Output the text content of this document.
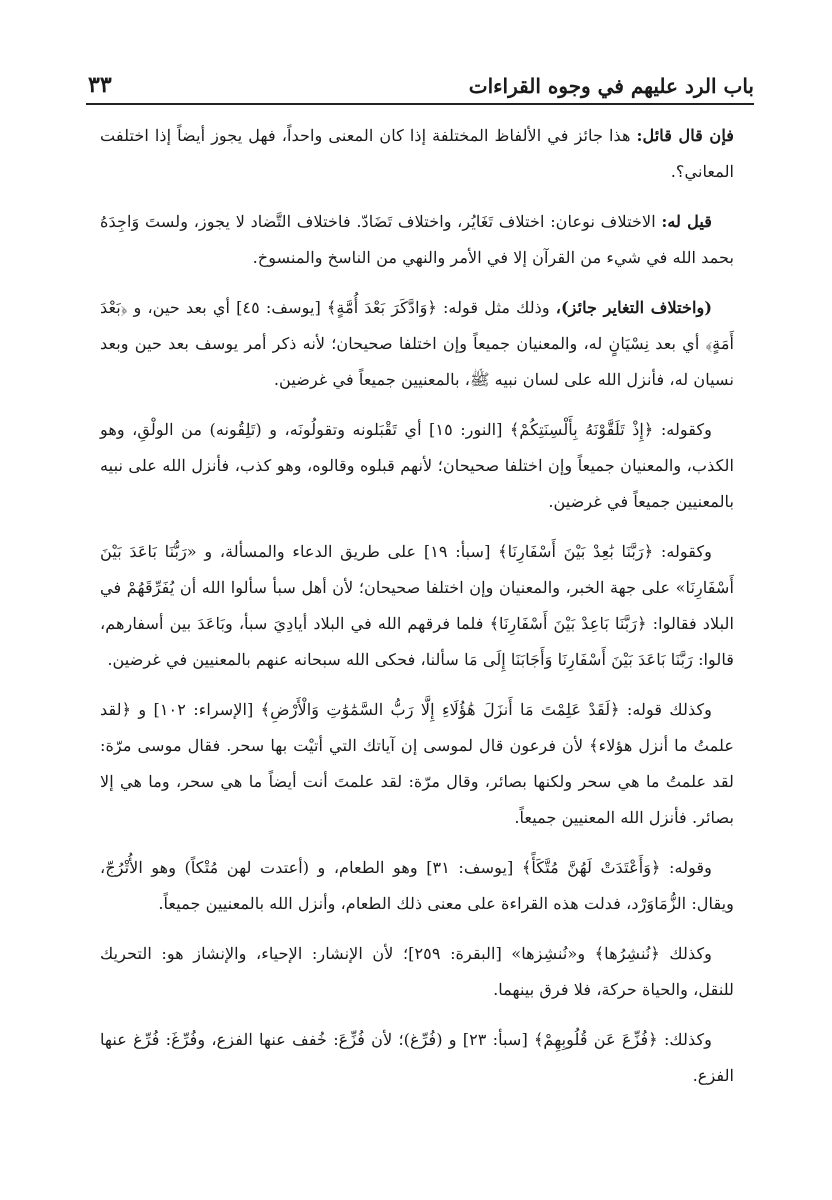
باب الرد عليهم في وجوه القراءات
٣٣

فإن قال قائل: هذا جائز في الألفاظ المختلفة إذا كان المعنى واحداً، فهل يجوز أيضاً إذا اختلفت المعاني؟.

قيل له: الاختلاف نوعان: اختلاف تَغَايُر، واختلاف تَضَادّ. فاختلاف التَّضاد لا يجوز، ولستَ وَاجِدَهُ بحمد الله في شيء من القرآن إلا في الأمر والنهي من الناسخ والمنسوخ.

(واختلاف التغاير جائز)، وذلك مثل قوله: ﴿وَادَّكَرَ بَعْدَ أُمَّةٍ﴾ [يوسف: ٤٥] أي بعد حين، و ﴿بَعْدَ أَمَةٍ﴾ أي بعد نِسْيَانٍ له، والمعنيان جميعاً وإن اختلفا صحيحان؛ لأنه ذكر أمر يوسف بعد حين وبعد نسيان له، فأنزل الله على لسان نبيه ﷺ، بالمعنيين جميعاً في غرضين.

وكقوله: ﴿إِذْ تَلَقَّوْنَهُ بِأَلْسِنَتِكُمْ﴾ [النور: ١٥] أي تَقْبَلونه وتقولُونَه، و (تَلِقُونه) من الولْقِ، وهو الكذب، والمعنيان جميعاً وإن اختلفا صحيحان؛ لأنهم قبلوه وقالوه، وهو كذب، فأنزل الله على نبيه بالمعنيين جميعاً في غرضين.

وكقوله: ﴿رَبَّنَا بَٰعِدْ بَيْنَ أَسْفَارِنَا﴾ [سبأ: ١٩] على طريق الدعاء والمسألة، و «رَبُّنَا بَاعَدَ بَيْنَ أَسْفَارِنَا» على جهة الخبر، والمعنيان وإن اختلفا صحيحان؛ لأن أهل سبأ سألوا الله أن يُفَرِّقَهُمْ في البلاد فقالوا: ﴿رَبَّنَا بَاعِدْ بَيْنَ أَسْفَارِنَا﴾ فلما فرقهم الله في البلاد أيادِيَ سبأ، وبَاعَدَ بين أسفارهم، قالوا: رَبَّنَا بَاعَدَ بَيْنَ أَسْفَارِنَا وَأَجَابَنَا إِلَى مَا سألنا، فحكى الله سبحانه عنهم بالمعنيين في غرضين.

وكذلك قوله: ﴿لَقَدْ عَلِمْتَ مَا أَنزَلَ هَٰؤُلَاءِ إِلَّا رَبُّ السَّمَٰوَٰتِ وَالْأَرْضِ﴾ [الإسراء: ١٠٢] و ﴿لقد علمتُ ما أنزل هؤلاء﴾ لأن فرعون قال لموسى إن آياتك التي أتيْت بها سحر. فقال موسى مرّة: لقد علمتُ ما هي سحر ولكنها بصائر، وقال مرّة: لقد علمتَ أنت أيضاً ما هي سحر، وما هي إلا بصائر. فأنزل الله المعنيين جميعاً.

وقوله: ﴿وَأَعْتَدَتْ لَهُنَّ مُتَّكَأً﴾ [يوسف: ٣١] وهو الطعام، و (أعتدت لهن مُتْكاً) وهو الأُتْرُجّ، ويقال: الزُّمَاوَرْد، فدلت هذه القراءة على معنى ذلك الطعام، وأنزل الله بالمعنيين جميعاً.

وكذلك ﴿نُنشِرُها﴾ و«نُنشِزها» [البقرة: ٢٥٩]؛ لأن الإنشار: الإحياء، والإنشاز هو: التحريك للنقل، والحياة حركة، فلا فرق بينهما.

وكذلك: ﴿فُزِّعَ عَن قُلُوبِهِمْ﴾ [سبأ: ٢٣] و (فُرِّغ)؛ لأن فُزِّعَ: خُفف عنها الفزع، وفُرِّغَ: فُرِّغ عنها الفزع.
